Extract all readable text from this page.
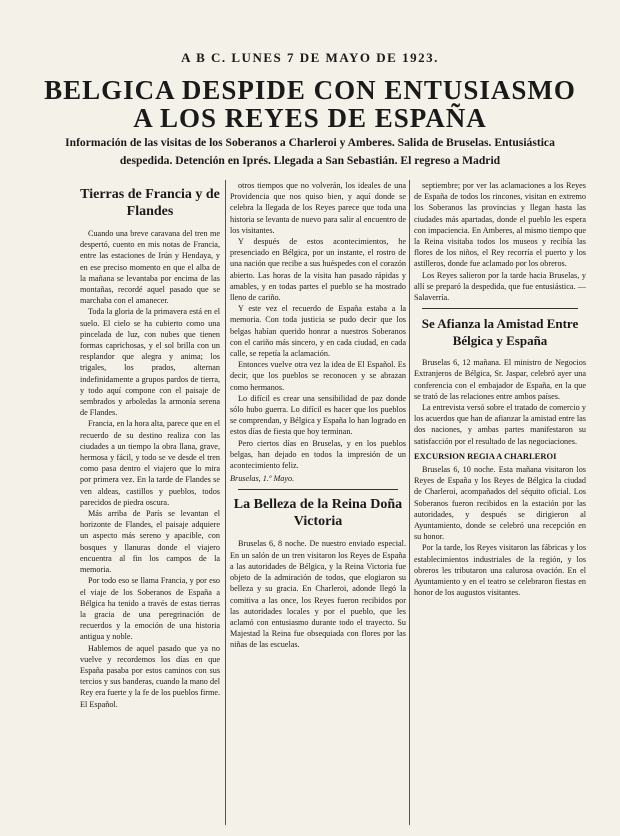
A B C. LUNES 7 DE MAYO DE 1923.
BELGICA DESPIDE CON ENTUSIASMO A LOS REYES DE ESPAÑA
Información de las visitas de los Soberanos a Charleroi y Amberes. Salida de Bruselas. Entusiástica despedida. Detención en Iprés. Llegada a San Sebastián. El regreso a Madrid
Tierras de Francia y de Flandes

Cuando una breve caravana del tren me despertó, cuento en mis notas de Francia, entre las estaciones de Irún y Hendaya, y en ese preciso momento en que el alba de la mañana se levantaba por encima de las montañas, recordé aquel pasado que se marchaba con el amanecer.

Toda la gloria de la primavera está en el suelo. El cielo se ha cubierto como una pincelada de luz, con nubes que tienen formas caprichosas, y el sol brilla con un resplandor que alegra y anima; los trigales, los prados, alternan indefinidamente a grupos pardos de tierra, y todo aquí compone con el paisaje de sembrados y arboledas la armonía serena de Flandes.

Francia, en la hora alta, parece que en el recuerdo de su destino realiza con las ciudades a un tiempo la obra llana, grave, hermosa y fácil, y todo se ve desde el tren como pasa dentro el viajero que lo mira por primera vez. En la tarde de Flandes se ven aldeas, castillos y pueblos, todos parecidos de piedra oscura.

Más arriba de París se levantan el horizonte de Flandes, el paisaje adquiere un aspecto más sereno y apacible, con bosques y llanuras donde el viajero encuentra al fin los campos de la memoria.

Por todo eso se llama Francia, y por eso el viaje de los Soberanos de España a Bélgica ha tenido a través de estas tierras la gracia de una peregrinación de recuerdos y la emoción de una historia antigua y noble.

Hablemos de aquel pasado que ya no vuelve y recordemos los días en que España pasaba por estos caminos con sus tercios y sus banderas, cuando la mano del Rey era fuerte y la fe de los pueblos firme. El Español.

otros tiempos que no volverán, los ideales de una Providencia que nos quiso bien, y aquí donde se celebra la llegada de los Reyes parece que toda una historia se levanta de nuevo para salir al encuentro de los visitantes.

Y después de estos acontecimientos, he presenciado en Bélgica, por un instante, el rostro de una nación que recibe a sus huéspedes con el corazón abierto. Las horas de la visita han pasado rápidas y amables, y en todas partes el pueblo se ha mostrado lleno de cariño.

Y este vez el recuerdo de España estaba a la memoria. Con toda justicia se pudo decir que los belgas habían querido honrar a nuestros Soberanos con el cariño más sincero, y en cada ciudad, en cada calle, se repetía la aclamación.

Entonces vuelve otra vez la idea de El Español. Es decir, que los pueblos se reconocen y se abrazan como hermanos.

Lo difícil es crear una sensibilidad de paz donde sólo hubo guerra. Lo difícil es hacer que los pueblos se comprendan, y Bélgica y España lo han logrado en estos días de fiesta que hoy terminan.

Pero ciertos días en Bruselas, y en los pueblos belgas, han dejado en todos la impresión de un acontecimiento feliz.

Bruselas, 1.º Mayo.
La Belleza de la Reina Doña Victoria

Bruselas 6, 8 noche. De nuestro enviado especial. En un salón de un tren visitaron los Reyes de España a las autoridades de Bélgica, y la Reina Victoria fue objeto de la admiración de todos, que elogiaron su belleza y su gracia. En Charleroi, adonde llegó la comitiva a las once, los Reyes fueron recibidos por las autoridades locales y por el pueblo, que les aclamó con entusiasmo durante todo el trayecto. Su Majestad la Reina fue obsequiada con flores por las niñas de las escuelas.

septiembre; por ver las aclamaciones a los Reyes de España de todos los rincones, visitan en extremo los Soberanos las provincias y llegan hasta las ciudades más apartadas, donde el pueblo les espera con impaciencia. En Amberes, al mismo tiempo que la Reina visitaba todos los museos y recibía las flores de los niños, el Rey recorría el puerto y los astilleros, donde fue aclamado por los obreros.

Los Reyes salieron por la tarde hacia Bruselas, y allí se preparó la despedida, que fue entusiástica. — Salaverría.

Se Afianza la Amistad Entre Bélgica y España

Bruselas 6, 12 mañana. El ministro de Negocios Extranjeros de Bélgica, Sr. Jaspar, celebró ayer una conferencia con el embajador de España, en la que se trató de las relaciones entre ambos países.

La entrevista versó sobre el tratado de comercio y los acuerdos que han de afianzar la amistad entre las dos naciones, y ambas partes manifestaron su satisfacción por el resultado de las negociaciones.

EXCURSION REGIA A CHARLEROI

Bruselas 6, 10 noche. Esta mañana visitaron los Reyes de España y los Reyes de Bélgica la ciudad de Charleroi, acompañados del séquito oficial. Los Soberanos fueron recibidos en la estación por las autoridades, y después se dirigieron al Ayuntamiento, donde se celebró una recepción en su honor.

Por la tarde, los Reyes visitaron las fábricas y los establecimientos industriales de la región, y los obreros les tributaron una calurosa ovación. En el Ayuntamiento y en el teatro se celebraron fiestas en honor de los augustos visitantes.
